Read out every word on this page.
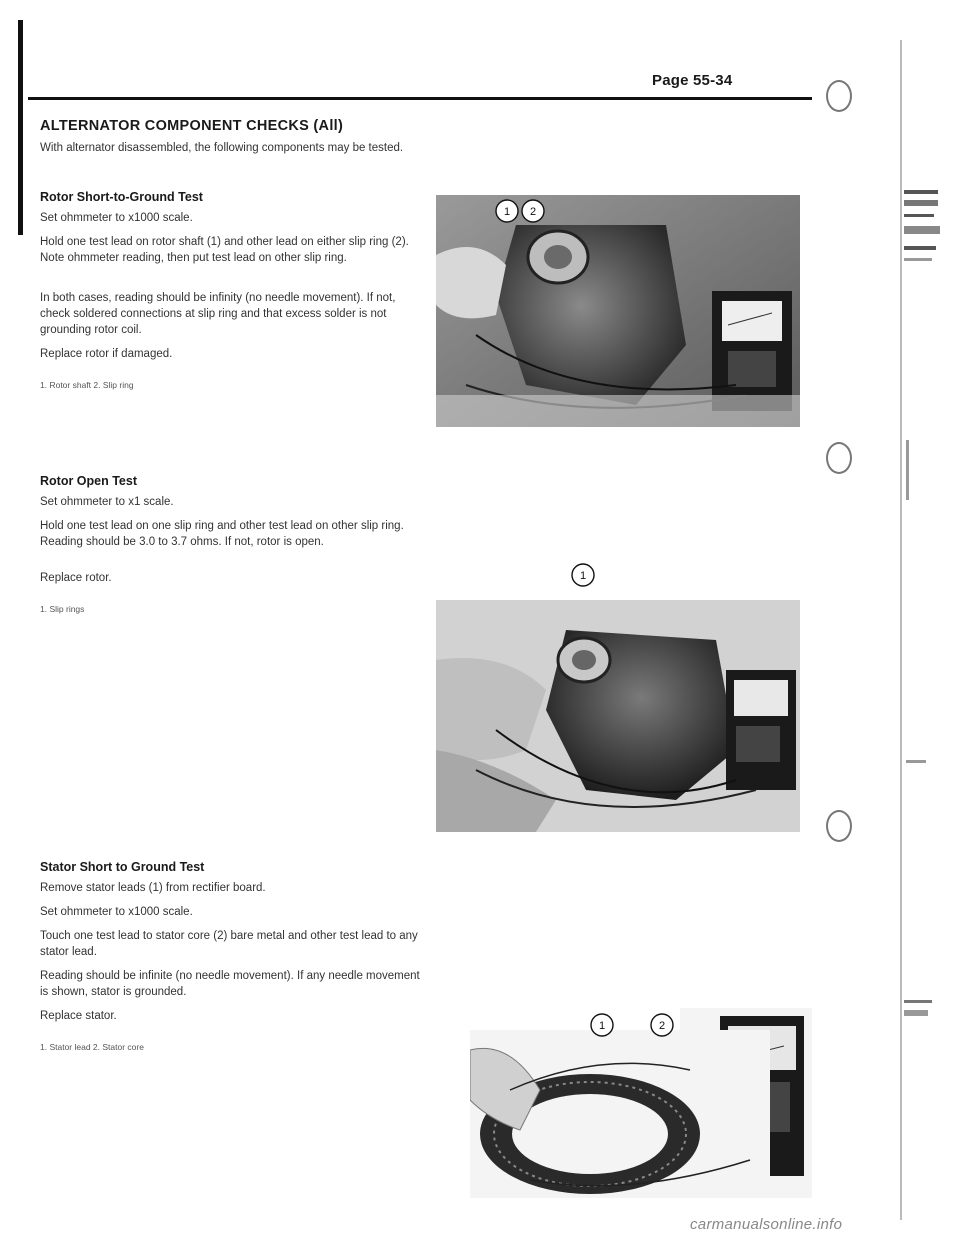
Page 55-34
ALTERNATOR COMPONENT CHECKS (All)
With alternator disassembled, the following components may be tested.
Rotor Short-to-Ground Test
Set ohmmeter to x1000 scale.
Hold one test lead on rotor shaft (1) and other lead on either slip ring (2). Note ohmmeter reading, then put test lead on other slip ring.
In both cases, reading should be infinity (no needle movement). If not, check soldered connections at slip ring and that excess solder is not grounding rotor coil.
Replace rotor if damaged.
1. Rotor shaft 2. Slip ring
1 2
Rotor Open Test
Set ohmmeter to x1 scale.
Hold one test lead on one slip ring and other test lead on other slip ring. Reading should be 3.0 to 3.7 ohms. If not, rotor is open.
Replace rotor.
1. Slip rings
1
Stator Short to Ground Test
Remove stator leads (1) from rectifier board.
Set ohmmeter to x1000 scale.
Touch one test lead to stator core (2) bare metal and other test lead to any stator lead.
Reading should be infinite (no needle movement). If any needle movement is shown, stator is grounded.
Replace stator.
1. Stator lead 2. Stator core
1	2
carmanualsonline.info
